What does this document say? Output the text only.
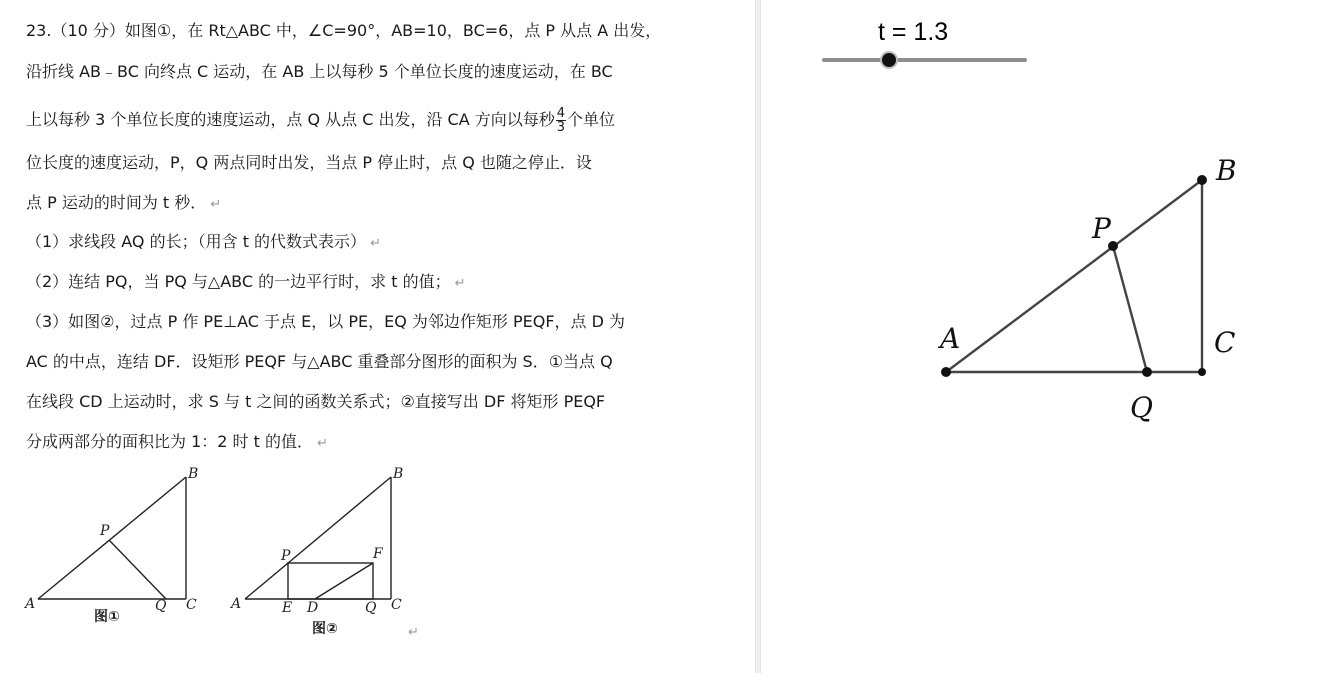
23.（10 分）如图①，在 Rt△ABC 中，∠C=90°，AB=10，BC=6，点 P 从点 A 出发，
沿折线 AB﹣BC 向终点 C 运动，在 AB 上以每秒 5 个单位长度的速度运动，在 BC
上以每秒 3 个单位长度的速度运动，点 Q 从点 C 出发，沿 CA 方向以每秒 $\frac{4}{3}$ 个单位
位长度的速度运动，P，Q 两点同时出发，当点 P 停止时，点 Q 也随之停止．设
点 P 运动的时间为 t 秒． ↵
（1）求线段 AQ 的长；（用含 t 的代数式表示） ↵
（2）连结 PQ，当 PQ 与△ABC 的一边平行时，求 t 的值； ↵
（3）如图②，过点 P 作 PE⊥AC 于点 E，以 PE，EQ 为邻边作矩形 PEQF，点 D 为
AC 的中点，连结 DF．设矩形 PEQF 与△ABC 重叠部分图形的面积为 S．①当点 Q
在线段 CD 上运动时，求 S 与 t 之间的函数关系式；②直接写出 DF 将矩形 PEQF
分成两部分的面积比为 1：2 时 t 的值． ↵
A
B
C
P
Q
图①
A
B
C
P	F
E D	Q
图②	↵
t = 1.3
A
B
C
P
Q
